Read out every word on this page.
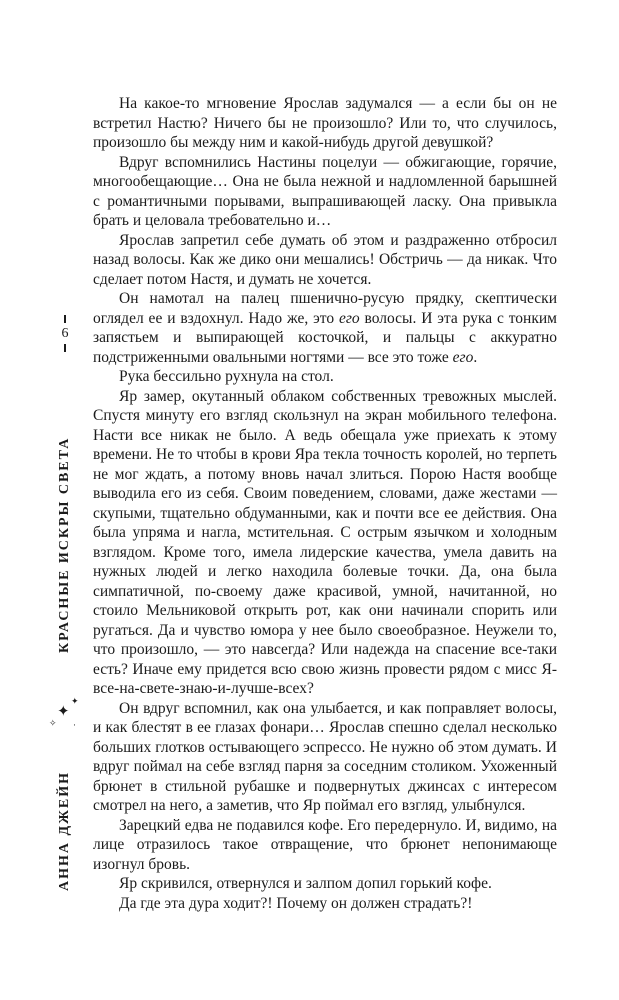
6
КРАСНЫЕ ИСКРЫ СВЕТА
✦
✦
✧ ·
АННА ДЖЕЙН

На какое-то мгновение Ярослав задумался — а если бы он не встретил Настю? Ничего бы не произошло? Или то, что случилось, произошло бы между ним и какой-нибудь другой девушкой?

Вдруг вспомнились Настины поцелуи — обжигающие, горячие, многообещающие… Она не была нежной и надломленной барышней с романтичными порывами, выпрашивающей ласку. Она привыкла брать и целовала требовательно и…

Ярослав запретил себе думать об этом и раздраженно отбросил назад волосы. Как же дико они мешались! Обстричь — да никак. Что сделает потом Настя, и думать не хочется.

Он намотал на палец пшенично-русую прядку, скептически оглядел ее и вздохнул. Надо же, это его волосы. И эта рука с тонким запястьем и выпирающей косточкой, и пальцы с аккуратно подстриженными овальными ногтями — все это тоже его.

Рука бессильно рухнула на стол.

Яр замер, окутанный облаком собственных тревожных мыслей. Спустя минуту его взгляд скользнул на экран мобильного телефона. Насти все никак не было. А ведь обещала уже приехать к этому времени. Не то чтобы в крови Яра текла точность королей, но терпеть не мог ждать, а потому вновь начал злиться. Порою Настя вообще выводила его из себя. Своим поведением, словами, даже жестами — скупыми, тщательно обдуманными, как и почти все ее действия. Она была упряма и нагла, мстительная. С острым язычком и холодным взглядом. Кроме того, имела лидерские качества, умела давить на нужных людей и легко находила болевые точки. Да, она была симпатичной, по-своему даже красивой, умной, начитанной, но стоило Мельниковой открыть рот, как они начинали спорить или ругаться. Да и чувство юмора у нее было своеобразное. Неужели то, что произошло, — это навсегда? Или надежда на спасение все-таки есть? Иначе ему придется всю свою жизнь провести рядом с мисс Я-все-на-свете-знаю-и-лучше-всех?

Он вдруг вспомнил, как она улыбается, и как поправляет волосы, и как блестят в ее глазах фонари… Ярослав спешно сделал несколько больших глотков остывающего эспрессо. Не нужно об этом думать. И вдруг поймал на себе взгляд парня за соседним столиком. Ухоженный брюнет в стильной рубашке и подвернутых джинсах с интересом смотрел на него, а заметив, что Яр поймал его взгляд, улыбнулся.

Зарецкий едва не подавился кофе. Его передернуло. И, видимо, на лице отразилось такое отвращение, что брюнет непонимающе изогнул бровь.

Яр скривился, отвернулся и залпом допил горький кофе.

Да где эта дура ходит?! Почему он должен страдать?!
